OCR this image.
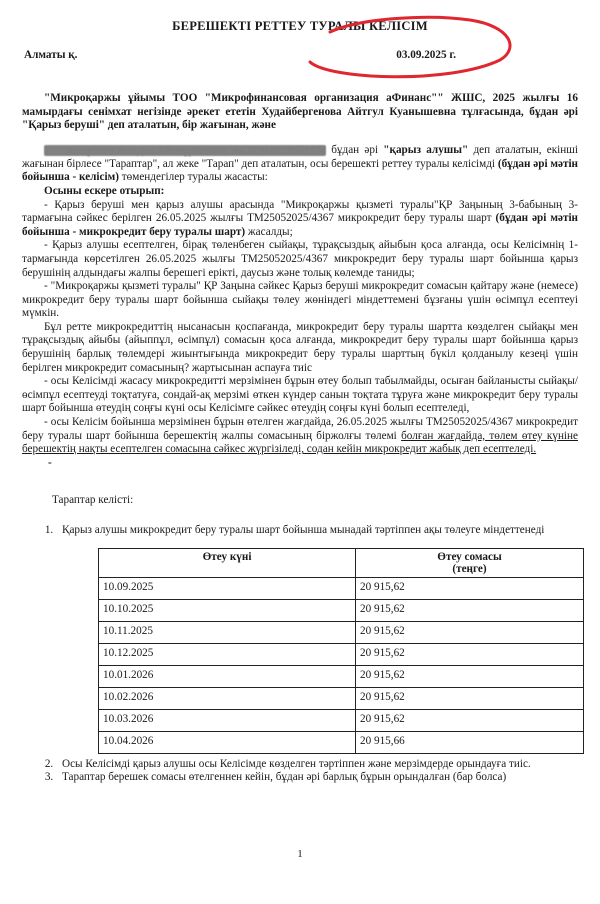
БЕРЕШЕКТІ РЕТТЕУ ТУРАЛЫ КЕЛІСІМ
Алматы қ.	03.09.2025 г.

"Микроқаржы ұйымы ТОО "Микрофинансовая организация аФинанс"" ЖШС, 2025 жылғы 16 мамырдағы сенімхат негізінде әрекет ететін Худайбергенова Айтгул Куанышевна тұлғасында, бұдан әрі "Қарыз беруші" деп аталатын, бір жағынан, және

Амирбаев Жандос Айтмұратович, ЖСН 010128551174 бұдан әрі "қарыз алушы" деп аталатын, екінші жағынан бірлесе "Тараптар", ал жеке "Тарап" деп аталатын, осы берешекті реттеу туралы келісімді (бұдан әрі мәтін бойынша - келісім) төмендегілер туралы жасасты:

Осыны ескере отырып:

- Қарыз беруші мен қарыз алушы арасында "Микроқаржы қызметі туралы"ҚР Заңының 3-бабының 3-тармағына сәйкес берілген 26.05.2025 жылғы ТМ25052025/4367 микрокредит беру туралы шарт (бұдан әрі мәтін бойынша - микрокредит беру туралы шарт) жасалды;

- Қарыз алушы есепте​лген, бірақ төленбеген сыйақы, тұрақсыздық айыбын қоса алғанда, осы Келісімнің 1-тармағында көрсетілген 26.05.2025 жылғы ТМ25052025/4367 микрокредит беру туралы шарт бойынша қарыз берушінің алдындағы жалпы берешегі еріктi, даусыз және толық көлемде таниды;

- "Микроқаржы қызметі туралы" ҚР Заңына сәйкес Қарыз беруші микрокредит сомасын қайтару және (немесе) микрокредит беру туралы шарт бойынша сыйақы төлеу жөніндегі міндеттемені бұзғаны үшін өсімпұл есептеуі мүмкін.

Бұл ретте микрокредиттің нысанасын қоспағанда, микрокредит беру туралы шартта көзделген сыйақы мен тұрақсыздық айыбы (айыппұл, өсімпұл) сомасын қоса алғанда, микрокредит беру туралы шарт бойынша қарыз берушінің барлық төлемдері жиынтығында микрокредит беру туралы шарттың бүкіл қолданылу кезеңі үшін берілген микрокредит сомасының? жартысынан аспауға тиіс

- осы Келісімді жасасу микрокредитті мерзімінен бұрын өтеу болып табылмайды, осыған байланысты сыйақы/өсімпұл есептеуді тоқтатуға, сондай-ақ мерзімі өткен күндер санын тоқтата тұруға және микрокредит беру туралы шарт бойынша өтеудің соңғы күні осы Келісімге сәйкес өтеудің соңғы күні болып есептеледі,

- осы Келісім бойынша мерзімінен бұрын өтелген жағдайда, 26.05.2025 жылғы ТМ25052025/4367 микрокредит беру туралы шарт бойынша берешектің жалпы сомасының біржолғы төлемі болған жағдайда, төлем өтеу күніне берешектің нақты есептелген сомасына сәйкес жүргізіледі, содан кейін микрокредит жабық деп есептеледі.

-
Тараптар келісті:
1. Қарыз алушы микрокредит беру туралы шарт бойынша мынадай тәртіппен ақы төлеуге міндеттенеді
Өтеу күні	Өтеу сомасы
(теңге)
10.09.2025	20 915,62
10.10.2025	20 915,62
10.11.2025	20 915,62
10.12.2025	20 915,62
10.01.2026	20 915,62
10.02.2026	20 915,62
10.03.2026	20 915,62
10.04.2026	20 915,66
2. Осы Келісімді қарыз алушы осы Келісімде көзделген тәртіппен және мерзімдерде орындауға тиіс.
3. Тараптар берешек сомасы өтелгеннен кейін, бұдан әрі барлық бұрын орындалған (бар болса)
1
